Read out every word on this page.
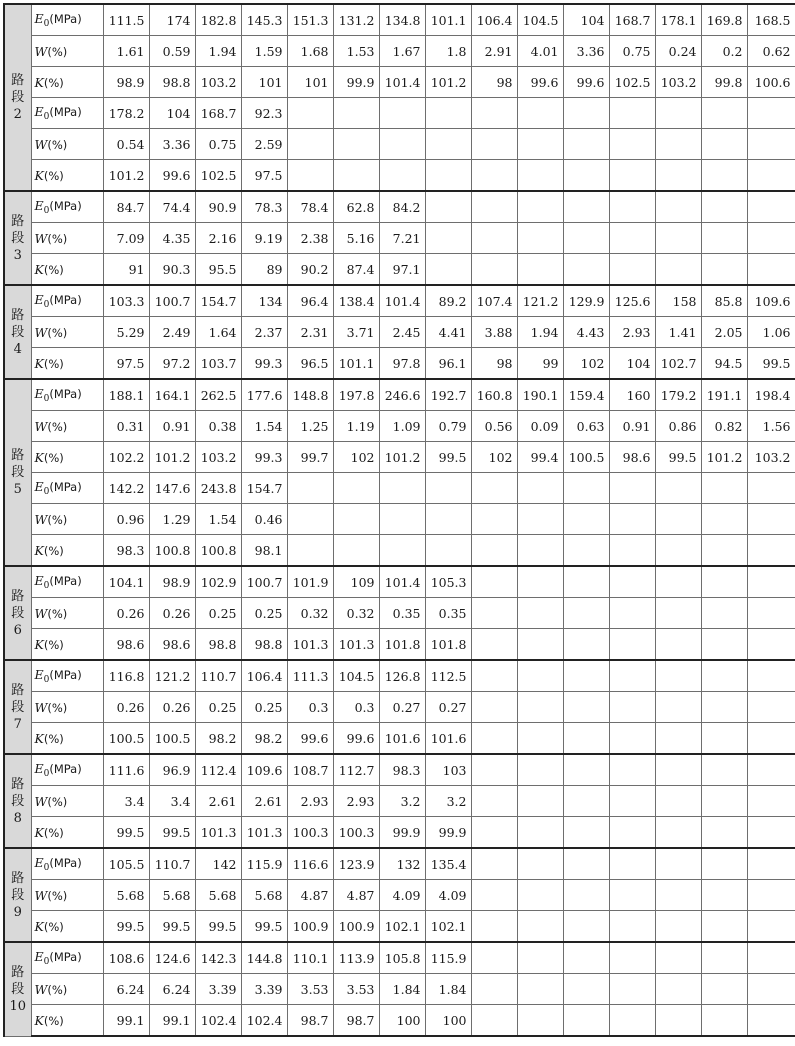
路
段
2	$E_0(MPa)$	111.5	174	182.8	145.3	151.3	131.2	134.8	101.1	106.4	104.5	104	168.7	178.1	169.8	168.5
	W(%)	1.61	0.59	1.94	1.59	1.68	1.53	1.67	1.8	2.91	4.01	3.36	0.75	0.24	0.2	0.62
	K(%)	98.9	98.8	103.2	101	101	99.9	101.4	101.2	98	99.6	99.6	102.5	103.2	99.8	100.6
	$E_0(MPa)$	178.2	104	168.7	92.3											
	W(%)	0.54	3.36	0.75	2.59											
	K(%)	101.2	99.6	102.5	97.5											

路
段
3	$E_0(MPa)$	84.7	74.4	90.9	78.3	78.4	62.8	84.2								
	W(%)	7.09	4.35	2.16	9.19	2.38	5.16	7.21								
	K(%)	91	90.3	95.5	89	90.2	87.4	97.1								

路
段
4	$E_0(MPa)$	103.3	100.7	154.7	134	96.4	138.4	101.4	89.2	107.4	121.2	129.9	125.6	158	85.8	109.6
	W(%)	5.29	2.49	1.64	2.37	2.31	3.71	2.45	4.41	3.88	1.94	4.43	2.93	1.41	2.05	1.06
	K(%)	97.5	97.2	103.7	99.3	96.5	101.1	97.8	96.1	98	99	102	104	102.7	94.5	99.5

路
段
5	$E_0(MPa)$	188.1	164.1	262.5	177.6	148.8	197.8	246.6	192.7	160.8	190.1	159.4	160	179.2	191.1	198.4
	W(%)	0.31	0.91	0.38	1.54	1.25	1.19	1.09	0.79	0.56	0.09	0.63	0.91	0.86	0.82	1.56
	K(%)	102.2	101.2	103.2	99.3	99.7	102	101.2	99.5	102	99.4	100.5	98.6	99.5	101.2	103.2
	$E_0(MPa)$	142.2	147.6	243.8	154.7											
	W(%)	0.96	1.29	1.54	0.46											
	K(%)	98.3	100.8	100.8	98.1											

路
段
6	$E_0(MPa)$	104.1	98.9	102.9	100.7	101.9	109	101.4	105.3							
	W(%)	0.26	0.26	0.25	0.25	0.32	0.32	0.35	0.35							
	K(%)	98.6	98.6	98.8	98.8	101.3	101.3	101.8	101.8							

路
段
7	$E_0(MPa)$	116.8	121.2	110.7	106.4	111.3	104.5	126.8	112.5							
	W(%)	0.26	0.26	0.25	0.25	0.3	0.3	0.27	0.27							
	K(%)	100.5	100.5	98.2	98.2	99.6	99.6	101.6	101.6							

路
段
8	$E_0(MPa)$	111.6	96.9	112.4	109.6	108.7	112.7	98.3	103							
	W(%)	3.4	3.4	2.61	2.61	2.93	2.93	3.2	3.2							
	K(%)	99.5	99.5	101.3	101.3	100.3	100.3	99.9	99.9							

路
段
9	$E_0(MPa)$	105.5	110.7	142	115.9	116.6	123.9	132	135.4							
	W(%)	5.68	5.68	5.68	5.68	4.87	4.87	4.09	4.09							
	K(%)	99.5	99.5	99.5	99.5	100.9	100.9	102.1	102.1							

路
段
10	$E_0(MPa)$	108.6	124.6	142.3	144.8	110.1	113.9	105.8	115.9							
	W(%)	6.24	6.24	3.39	3.39	3.53	3.53	1.84	1.84							
	K(%)	99.1	99.1	102.4	102.4	98.7	98.7	100	100							
